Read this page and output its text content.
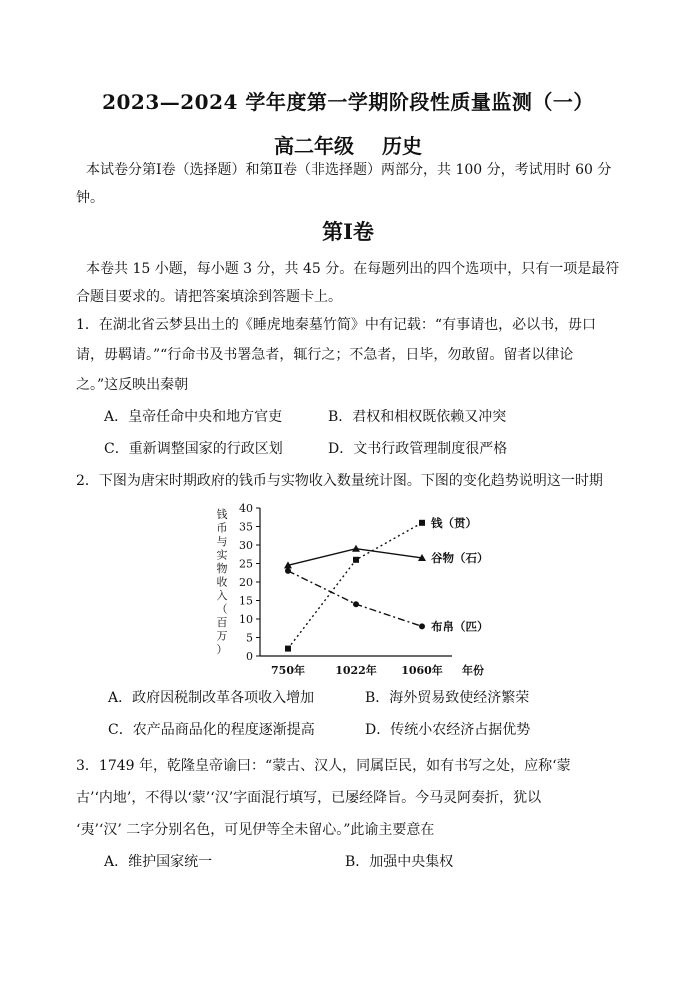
2023—2024 学年度第一学期阶段性质量监测（一）
高二年级 历史
本试卷分第Ⅰ卷（选择题）和第Ⅱ卷（非选择题）两部分，共 100 分，考试用时 60 分
钟。
第Ⅰ卷
本卷共 15 小题，每小题 3 分，共 45 分。在每题列出的四个选项中，只有一项是最符
合题目要求的。请把答案填涂到答题卡上。
1．在湖北省云梦县出土的《睡虎地秦墓竹简》中有记载：“有事请也，必以书，毋口
请，毋羁请。”“行命书及书署急者，辄行之；不急者，日毕，勿敢留。留者以律论
之。”这反映出秦朝
A．皇帝任命中央和地方官吏	B．君权和相权既依赖又冲突
C．重新调整国家的行政区划	D．文书行政管理制度很严格
2．下图为唐宋时期政府的钱币与实物收入数量统计图。下图的变化趋势说明这一时期
钱币与实物收入（百万）
0
5
10
15
20
25
30
35
40
750年	1022年 1060年 年份
钱（贯）
谷物（石）
布帛（匹）
A．政府因税制改革各项收入增加	B．海外贸易致使经济繁荣
C．农产品商品化的程度逐渐提高	D．传统小农经济占据优势
3．1749 年，乾隆皇帝谕曰：“蒙古、汉人，同属臣民，如有书写之处，应称‘蒙
古’‘内地’，不得以‘蒙’‘汉’字面混行填写，已屡经降旨。今马灵阿奏折，犹以
‘夷’‘汉’ 二字分别名色，可见伊等全未留心。”此谕主要意在
A．维护国家统一	B．加强中央集权
